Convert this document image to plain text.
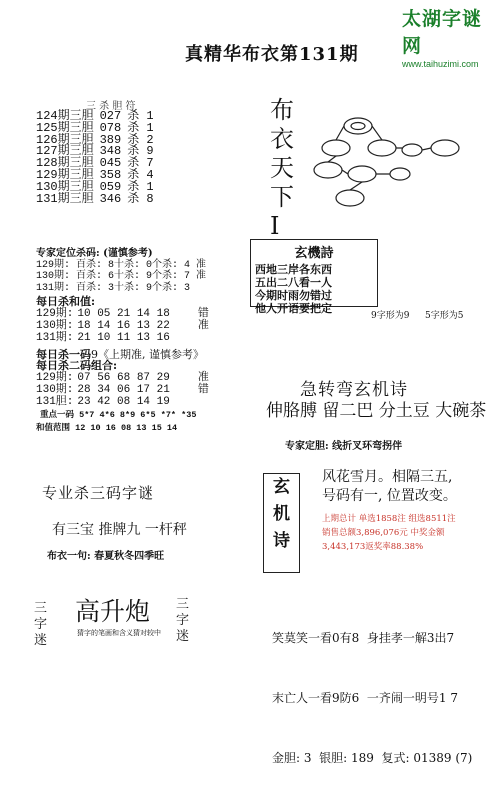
太湖字谜网
www.taihuzimi.com
真精华布衣第131期
三 杀 胆 符
124期三胆 027 杀 1
125期三胆 078 杀 1
126期三胆 389 杀 2
127期三胆 348 杀 9
128期三胆 045 杀 7
129期三胆 358 杀 4
130期三胆 059 杀 1
131期三胆 346 杀 8
布
衣
天
下
I
玄機詩
西地三岸各东西
五出二八看一人
今期时雨勿错过
他人开语要把定
9字形为9 5字形为5
专家定位杀码: (谨慎参考)
129期: 百杀: 8十杀: 0个杀: 4 准
130期: 百杀: 6十杀: 9个杀: 7 准
131期: 百杀: 3十杀: 9个杀: 3
每日杀和值:
129期: 10 05 21 14 18	错
130期: 18 14 16 13 22	准
131期: 21 10 11 13 16
每日杀一码9《上期准, 谨慎参考》
每日杀二码组合:
129期: 07 56 68 87 29	准
130期: 28 34 06 17 21	错
131胆: 23 42 08 14 19
重点一码 5*7 4*6 8*9 6*5 *7* *35
和值范围 12 10 16 08 13 15 14
急转弯玄机诗
伸胳膊 留二巴 分土豆 大碗茶
专家定胆: 线折叉环弯拐伴
玄
机
诗
风花雪月。相隔三五,
号码有一, 位置改变。
上期总计 单选1858注 组选8511注
销售总额3,896,076元 中奖金额
3,443,173返奖率88.38%
专业杀三码字谜
有三宝 推牌九 一杆秤
布衣一句: 春夏秋冬四季旺
三
字
迷
高升炮
猜字的笔画和含义猜对较中
三
字
迷

	笑莫笑一看0有8  身挂孝一解3出7

末亡人一看9防6  一齐闹一明号1 7

金胆: 3  银胆: 189  复式: 01389 (7)
